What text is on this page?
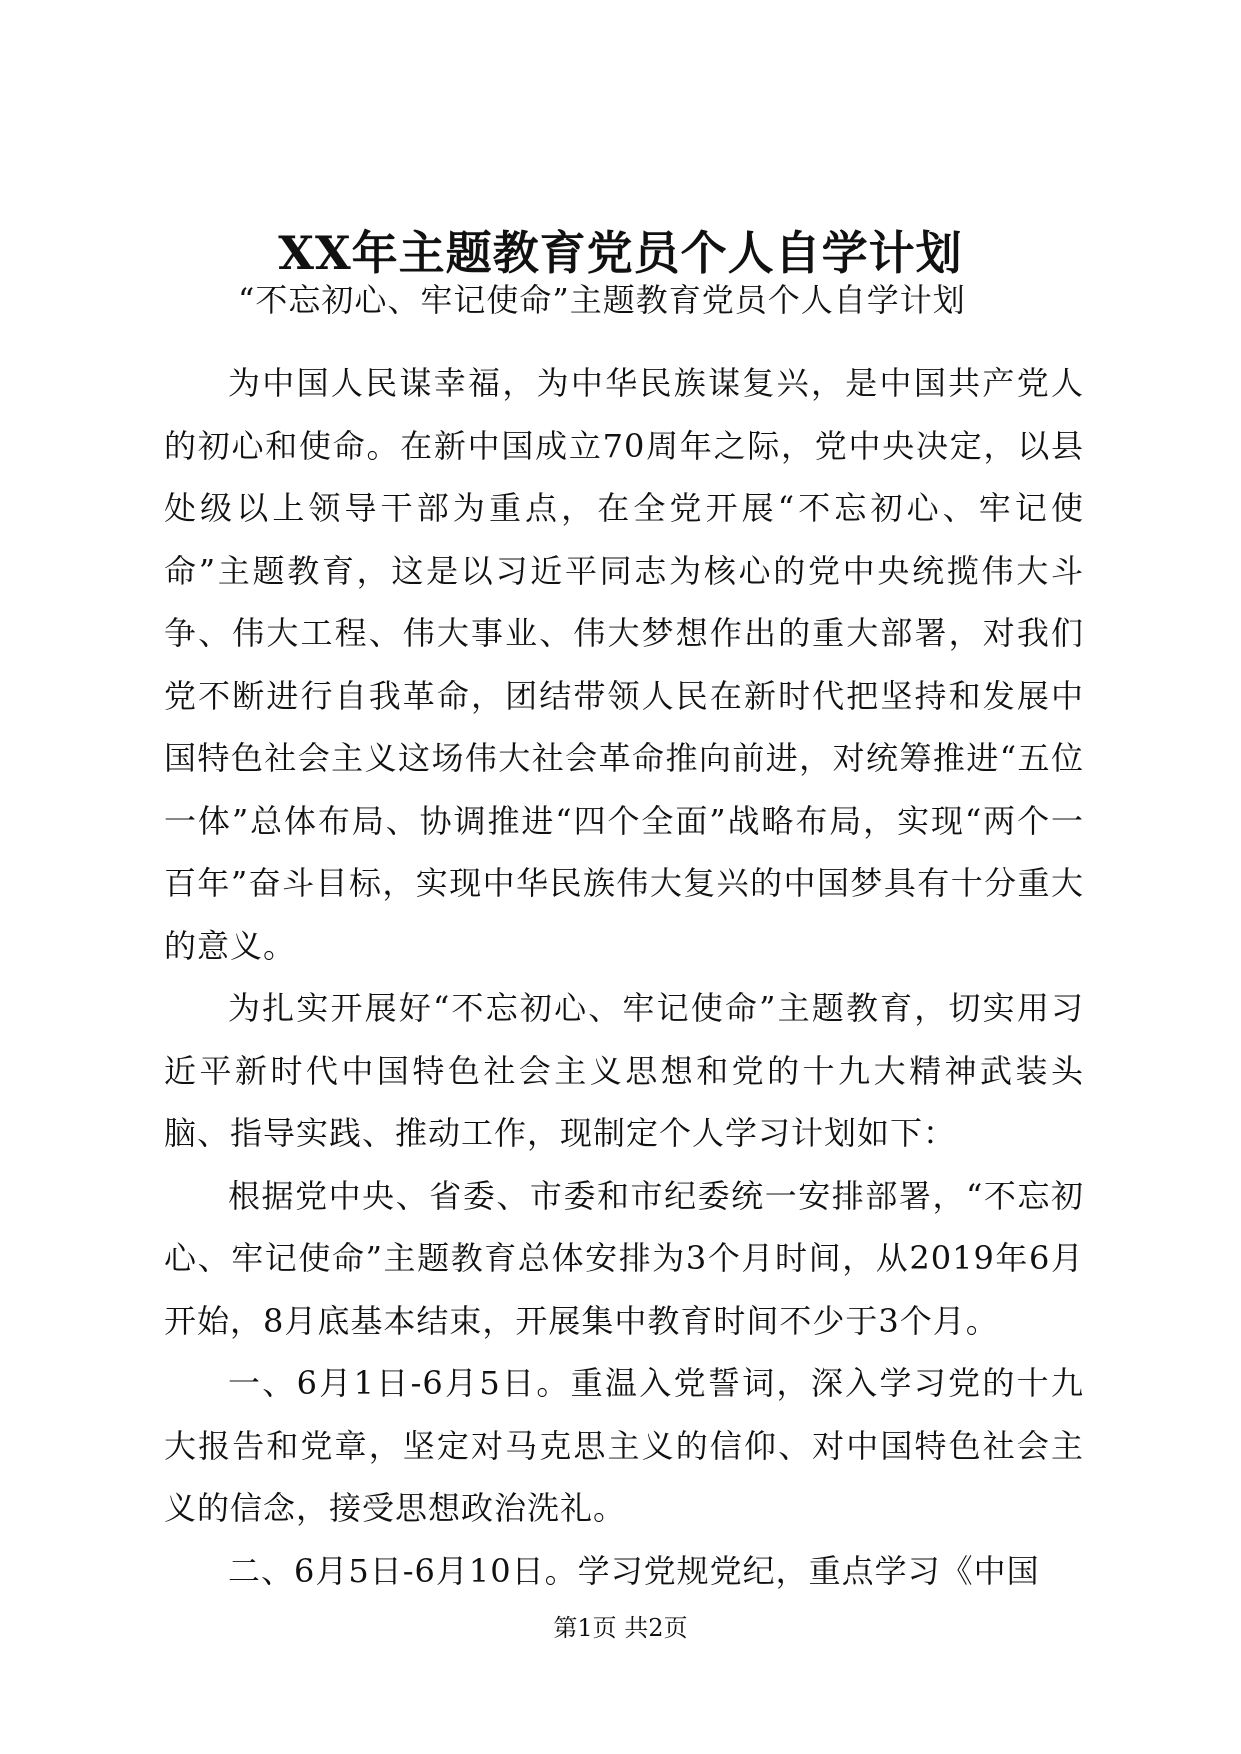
XX年主题教育党员个人自学计划
“不忘初心、牢记使命”主题教育党员个人自学计划

为中国人民谋幸福，为中华民族谋复兴，是中国共产党人的初心和使命。在新中国成立70周年之际，党中央决定，以县处级以上领导干部为重点，在全党开展“不忘初心、牢记使命”主题教育，这是以习近平同志为核心的党中央统揽伟大斗争、伟大工程、伟大事业、伟大梦想作出的重大部署，对我们党不断进行自我革命，团结带领人民在新时代把坚持和发展中国特色社会主义这场伟大社会革命推向前进，对统筹推进“五位一体”总体布局、协调推进“四个全面”战略布局，实现“两个一百年”奋斗目标，实现中华民族伟大复兴的中国梦具有十分重大的意义。

为扎实开展好“不忘初心、牢记使命”主题教育，切实用习近平新时代中国特色社会主义思想和党的十九大精神武装头脑、指导实践、推动工作，现制定个人学习计划如下：

根据党中央、省委、市委和市纪委统一安排部署，“不忘初心、牢记使命”主题教育总体安排为3个月时间，从2019年6月开始，8月底基本结束，开展集中教育时间不少于3个月。

一、6月1日-6月5日。重温入党誓词，深入学习党的十九大报告和党章，坚定对马克思主义的信仰、对中国特色社会主义的信念，接受思想政治洗礼。

二、6月5日-6月10日。学习党规党纪，重点学习《中国

第1页 共2页
